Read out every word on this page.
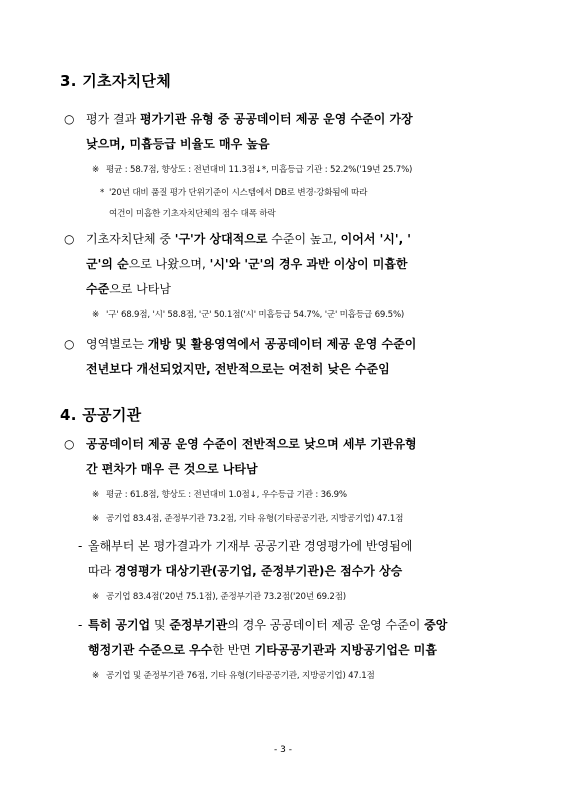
3. 기초자치단체
○ 평가 결과 평가기관 유형 중 공공데이터 제공 운영 수준이 가장
낮으며, 미흡등급 비율도 매우 높음
※ 평균 : 58.7점, 향상도 : 전년대비 11.3점↓*, 미흡등급 기관 : 52.2%('19년 25.7%)
* '20년 대비 품질 평가 단위기준이 시스템에서 DB로 변경·강화됨에 따라
여건이 미흡한 기초자치단체의 점수 대폭 하락
○ 기초자치단체 중 '구'가 상대적으로 수준이 높고, 이어서 '시', '
군'의 순으로 나왔으며, '시'와 '군'의 경우 과반 이상이 미흡한
수준으로 나타남
※ '구' 68.9점, '시' 58.8점, '군' 50.1점('시' 미흡등급 54.7%, '군' 미흡등급 69.5%)
○ 영역별로는 개방 및 활용영역에서 공공데이터 제공 운영 수준이
전년보다 개선되었지만, 전반적으로는 여전히 낮은 수준임
4. 공공기관
○ 공공데이터 제공 운영 수준이 전반적으로 낮으며 세부 기관유형
간 편차가 매우 큰 것으로 나타남
※ 평균 : 61.8점, 향상도 : 전년대비 1.0점↓, 우수등급 기관 : 36.9%
※ 공기업 83.4점, 준정부기관 73.2점, 기타 유형(기타공공기관, 지방공기업) 47.1점
- 올해부터 본 평가결과가 기재부 공공기관 경영평가에 반영됨에
따라 경영평가 대상기관(공기업, 준정부기관)은 점수가 상승
※ 공기업 83.4점('20년 75.1점), 준정부기관 73.2점('20년 69.2점)
- 특히 공기업 및 준정부기관의 경우 공공데이터 제공 운영 수준이 중앙
행정기관 수준으로 우수한 반면 기타공공기관과 지방공기업은 미흡
※ 공기업 및 준정부기관 76점, 기타 유형(기타공공기관, 지방공기업) 47.1점
- 3 -
